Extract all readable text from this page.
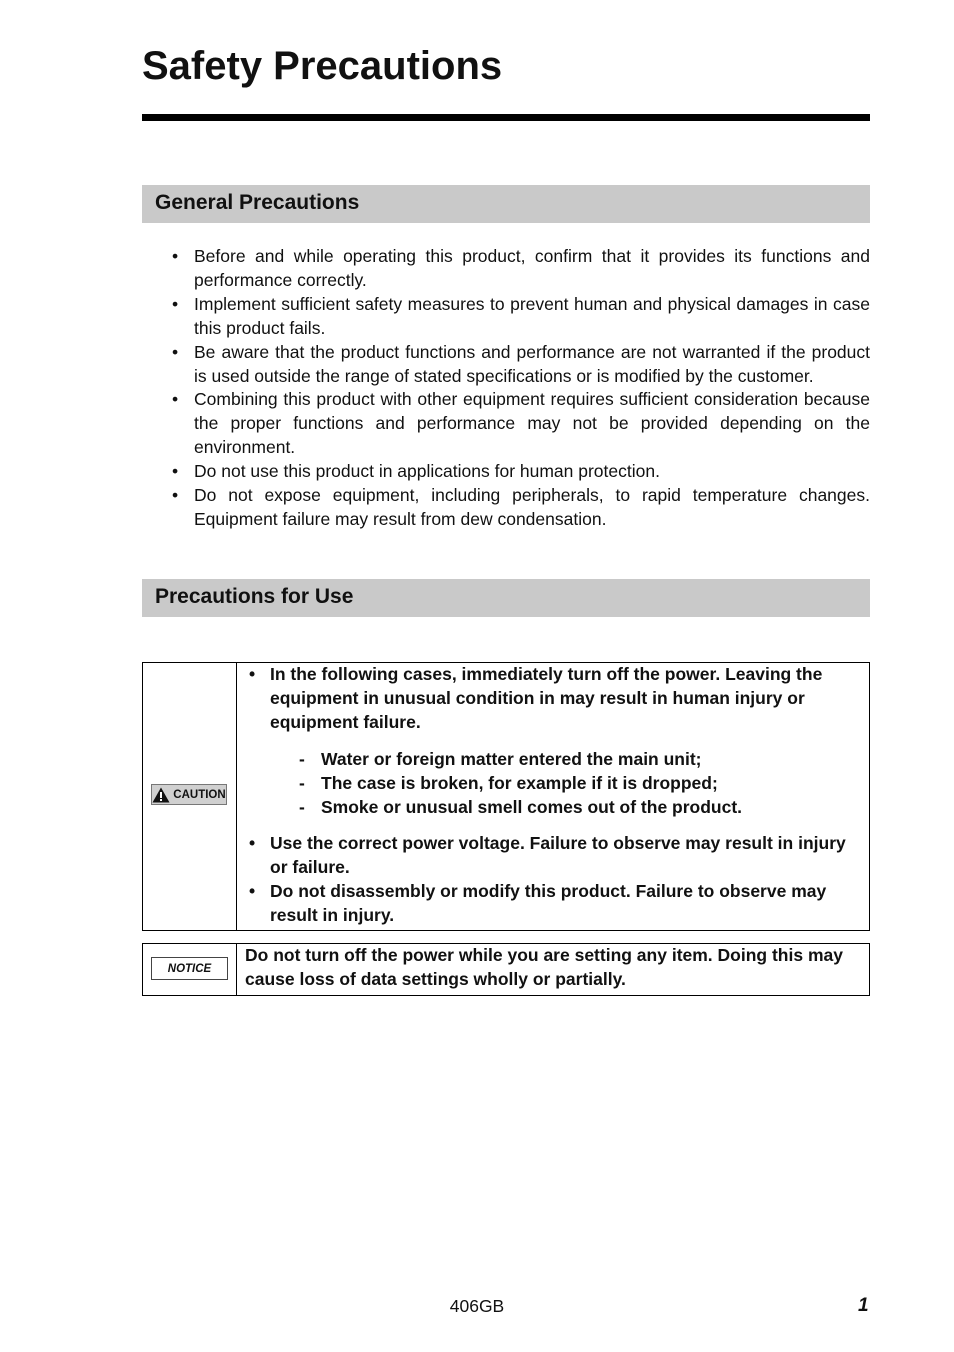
Safety Precautions
General Precautions
• Before and while operating this product, confirm that it provides its functions and performance correctly.
• Implement sufficient safety measures to prevent human and physical damages in case this product fails.
• Be aware that the product functions and performance are not warranted if the product is used outside the range of stated specifications or is modified by the customer.
• Combining this product with other equipment requires sufficient consideration because the proper functions and performance may not be provided depending on the environment.
• Do not use this product in applications for human protection.
• Do not expose equipment, including peripherals, to rapid temperature changes. Equipment failure may result from dew condensation.
Precautions for Use
CAUTION
• In the following cases, immediately turn off the power. Leaving the equipment in unusual condition in may result in human injury or equipment failure.
- Water or foreign matter entered the main unit;
- The case is broken, for example if it is dropped;
- Smoke or unusual smell comes out of the product.
• Use the correct power voltage. Failure to observe may result in injury or failure.
• Do not disassembly or modify this product. Failure to observe may result in injury.
NOTICE
Do not turn off the power while you are setting any item. Doing this may cause loss of data settings wholly or partially.
406GB	1
